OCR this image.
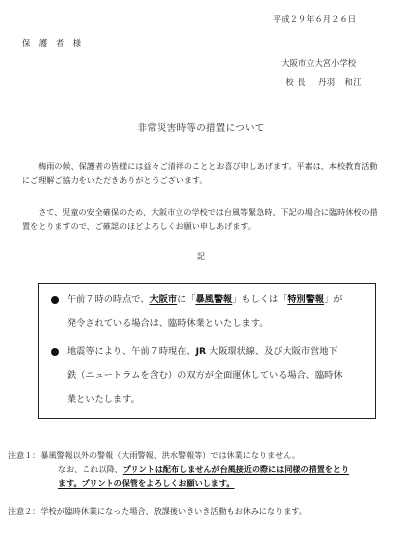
平成２９年６月２６日
保 護 者 様
大阪市立大宮小学校
校 長　 丹羽　和江
非常災害時等の措置について
梅雨の候、保護者の皆様には益々ご清祥のこととお喜び申しあげます。平素は、本校教育活動にご理解ご協力をいただきありがとうございます。
さて、児童の安全確保のため、大阪市立の学校では台風等緊急時、下記の場合に臨時休校の措置をとりますので、ご確認のほどよろしくお願い申しあげます。
記
午前７時の時点で、大阪市に「暴風警報」もしくは「特別警報」が
発令されている場合は、臨時休業といたします。
地震等により、午前７時現在、JR 大阪環状線、及び大阪市営地下
鉄（ニュートラムを含む）の双方が全面運休している場合、臨時休
業といたします。
注意１：暴風警報以外の警報（大雨警報、洪水警報等）では休業になりません。
なお、これ以降、プリントは配布しませんが台風接近の際には同様の措置をとり
ます。プリントの保管をよろしくお願いします。
注意２：学校が臨時休業になった場合、放課後いきいき活動もお休みになります。
